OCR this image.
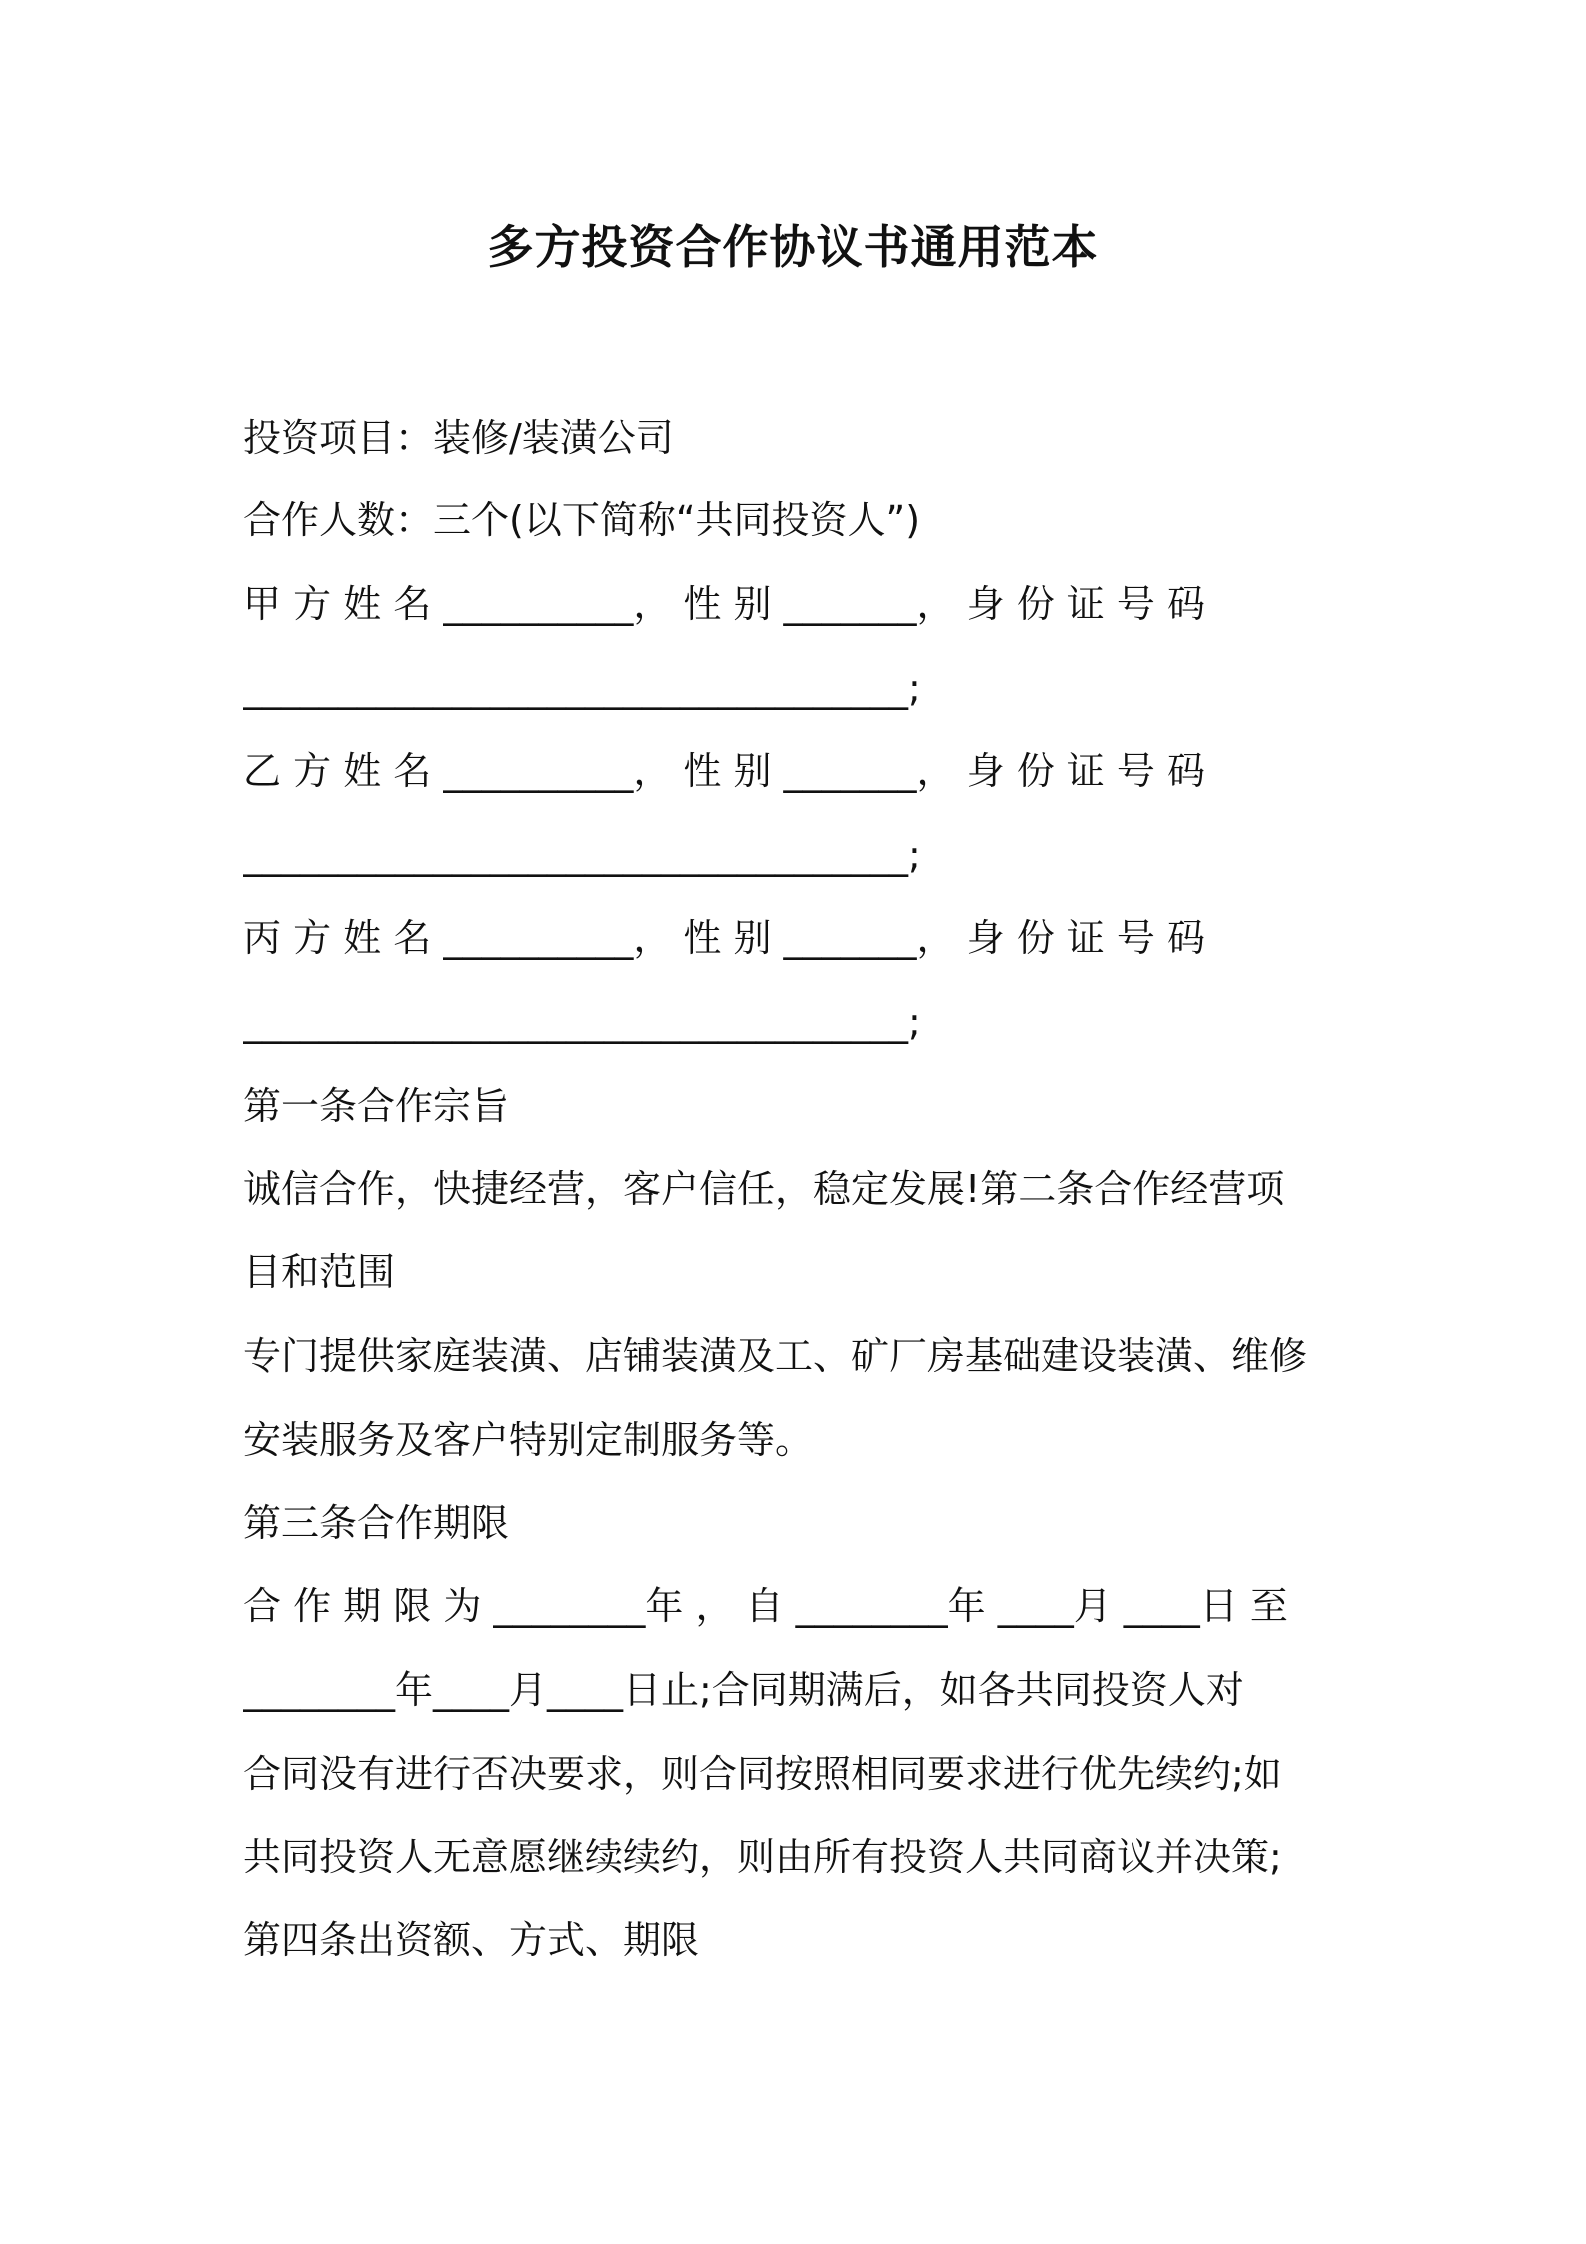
多方投资合作协议书通用范本
投资项目：装修/装潢公司
合作人数：三个(以下简称“共同投资人”)
甲 方 姓 名 __________， 性 别 _______， 身 份 证 号 码
___________________________________;
乙 方 姓 名 __________， 性 别 _______， 身 份 证 号 码
___________________________________;
丙 方 姓 名 __________， 性 别 _______， 身 份 证 号 码
___________________________________;
第一条合作宗旨
诚信合作，快捷经营，客户信任，稳定发展!第二条合作经营项
目和范围
专门提供家庭装潢、店铺装潢及工、矿厂房基础建设装潢、维修
安装服务及客户特别定制服务等。
第三条合作期限
合 作 期 限 为 ________年 ， 自 ________年 ____月 ____日 至
________年____月____日止;合同期满后，如各共同投资人对
合同没有进行否决要求，则合同按照相同要求进行优先续约;如
共同投资人无意愿继续续约，则由所有投资人共同商议并决策;
第四条出资额、方式、期限
